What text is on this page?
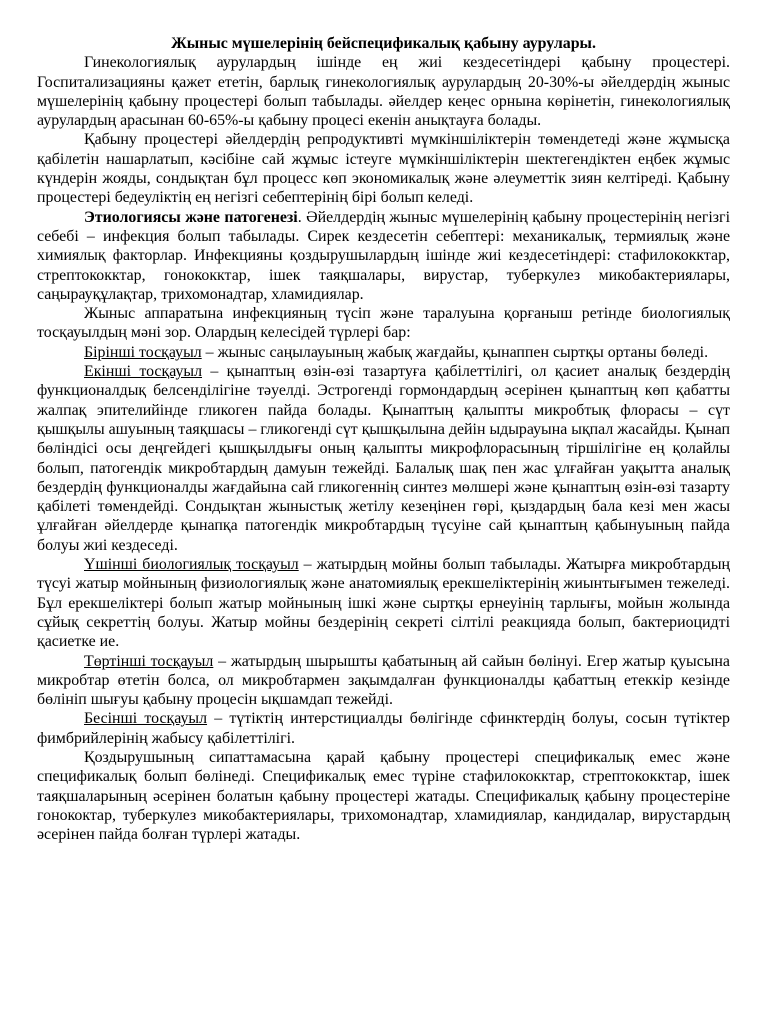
Жыныс мүшелерінің бейспецификалық қабыну аурулары.

Гинекологиялық аурулардың ішінде ең жиі кездесетіндері қабыну процестері. Госпитализацияны қажет ететін, барлық гинекологиялық аурулардың 20-30%-ы әйелдердің жыныс мүшелерінің қабыну процестері болып табылады. әйелдер кеңес орнына көрінетін, гинекологиялық аурулардың арасынан 60-65%-ы қабыну процесі екенін анықтауға болады.

Қабыну процестері әйелдердің репродуктивті мүмкіншіліктерін төмендетеді және жұмысқа қабілетін нашарлатып, кәсібіне сай жұмыс істеуге мүмкіншіліктерін шектегендіктен еңбек жұмыс күндерін жояды, сондықтан бұл процесс көп экономикалық және әлеуметтік зиян келтіреді. Қабыну процестері бедеуліктің ең негізгі себептерінің бірі болып келеді.

Этиологиясы және патогенезі. Әйелдердің жыныс мүшелерінің қабыну процестерінің негізгі себебі – инфекция болып табылады. Сирек кездесетін себептері: механикалық, термиялық және химиялық факторлар. Инфекцияны қоздырушылардың ішінде жиі кездесетіндері: стафилококктар, стрептококктар, гонококктар, ішек таяқшалары, вирустар, туберкулез микобактериялары, саңырауқұлақтар, трихомонадтар, хламидиялар.

Жыныс аппаратына инфекцияның түсіп және таралуына қорғаныш ретінде биологиялық тосқауылдың мәні зор. Олардың келесідей түрлері бар:

Бірінші тосқауыл – жыныс саңылауының жабық жағдайы, қынаппен сыртқы ортаны бөледі.

Екінші тосқауыл – қынаптың өзін-өзі тазартуға қабілеттілігі, ол қасиет аналық бездердің функционалдық белсенділігіне тәуелді. Эстрогенді гормондардың әсерінен қынаптың көп қабатты жалпақ эпителийінде гликоген пайда болады. Қынаптың қалыпты микробтық флорасы – сүт қышқылы ашуының таяқшасы – гликогенді сүт қышқылына дейін ыдырауына ықпал жасайды. Қынап бөліндісі осы деңгейдегі қышқылдығы оның қалыпты микрофлорасының тіршілігіне ең қолайлы болып, патогендік микробтардың дамуын тежейді. Балалық шақ пен жас ұлғайған уақытта аналық бездердің функционалды жағдайына сай гликогеннің синтез мөлшері және қынаптың өзін-өзі тазарту қабілеті төмендейді. Сондықтан жыныстық жетілу кезеңінен гөрі, қыздардың бала кезі мен жасы ұлғайған әйелдерде қынапқа патогендік микробтардың түсуіне сай қынаптың қабынуының пайда болуы жиі кездеседі.

Үшінші биологиялық тосқауыл – жатырдың мойны болып табылады. Жатырға микробтардың түсуі жатыр мойнының физиологиялық және анатомиялық ерекшеліктерінің жиынтығымен тежеледі. Бұл ерекшеліктері болып жатыр мойнының ішкі және сыртқы ернеуінің тарлығы, мойын жолында сұйық секреттің болуы. Жатыр мойны бездерінің секреті сілтілі реакцияда болып, бактериоцидті қасиетке ие.

Төртінші тосқауыл – жатырдың шырышты қабатының ай сайын бөлінуі. Егер жатыр қуысына микробтар өтетін болса, ол микробтармен зақымдалған функционалды қабаттың етеккір кезінде бөлініп шығуы қабыну процесін ықшамдап тежейді.

Бесінші тосқауыл – түтіктің интерстициалды бөлігінде сфинктердің болуы, сосын түтіктер фимбрийлерінің жабысу қабілеттілігі.

Қоздырушының сипаттамасына қарай қабыну процестері спецификалық емес және спецификалық болып бөлінеді. Спецификалық емес түріне стафилококктар, стрептококктар, ішек таяқшаларының әсерінен болатын қабыну процестері жатады. Спецификалық қабыну процестеріне гонококтар, туберкулез микобактериялары, трихомонадтар, хламидиялар, кандидалар, вирустардың әсерінен пайда болған түрлері жатады.
